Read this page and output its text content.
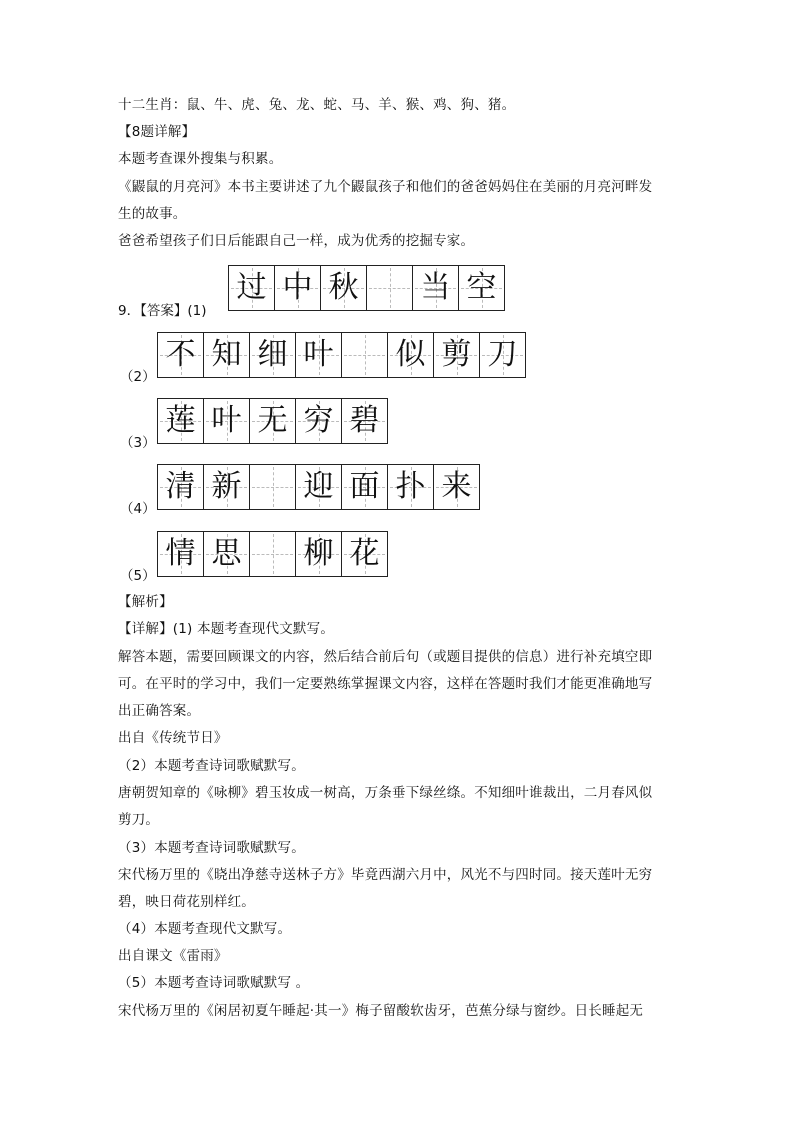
十二生肖：鼠、牛、虎、兔、龙、蛇、马、羊、猴、鸡、狗、猪。
【8题详解】
本题考查课外搜集与积累。
《鼹鼠的月亮河》本书主要讲述了九个鼹鼠孩子和他们的爸爸妈妈住在美丽的月亮河畔发
生的故事。
爸爸希望孩子们日后能跟自己一样，成为优秀的挖掘专家。
9．【答案】(1)
过 中 秋 当 空
（2）
不 知 细 叶 似 剪 刀
（3）
莲 叶 无 穷 碧
（4）
清 新 迎 面 扑 来
（5）
情 思 柳 花
【解析】
【详解】(1) 本题考查现代文默写。
解答本题，需要回顾课文的内容，然后结合前后句（或题目提供的信息）进行补充填空即
可。在平时的学习中，我们一定要熟练掌握课文内容，这样在答题时我们才能更准确地写
出正确答案。
出自《传统节日》
（2）本题考查诗词歌赋默写。
唐朝贺知章的《咏柳》碧玉妆成一树高，万条垂下绿丝绦。不知细叶谁裁出，二月春风似
剪刀。
（3）本题考查诗词歌赋默写。
宋代杨万里的《晓出净慈寺送林子方》毕竟西湖六月中，风光不与四时同。接天莲叶无穷
碧，映日荷花别样红。
（4）本题考查现代文默写。
出自课文《雷雨》
（5）本题考查诗词歌赋默写 。
宋代杨万里的《闲居初夏午睡起·其一》梅子留酸软齿牙，芭蕉分绿与窗纱。日长睡起无
